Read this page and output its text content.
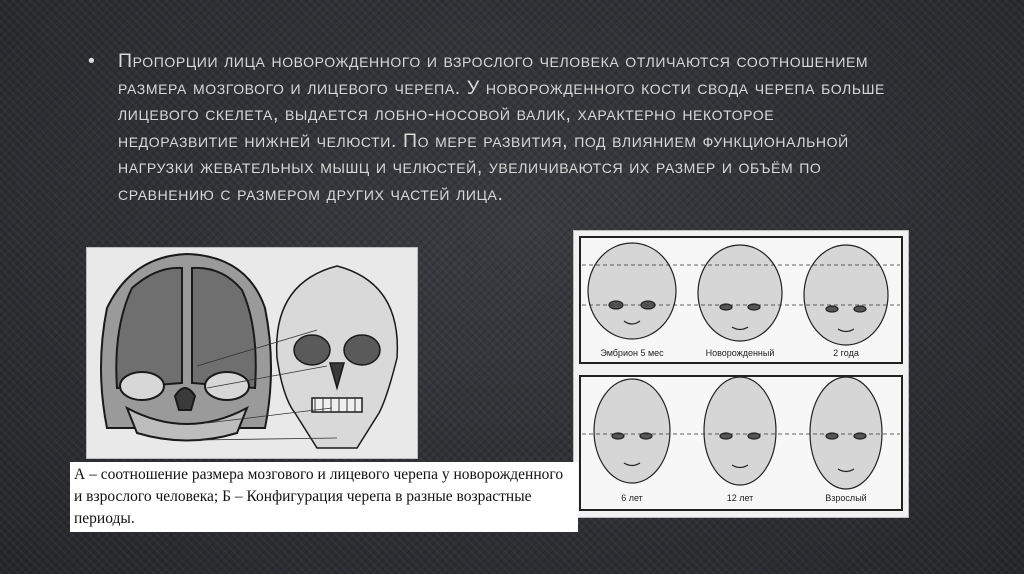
• Пропорции лица новорожденного и взрослого человека отличаются соотношением размера мозгового и лицевого черепа. У новорожденного кости свода черепа больше лицевого скелета, выдается лобно-носовой валик, характерно некоторое недоразвитие нижней челюсти. По мере развития, под влиянием функциональной нагрузки жевательных мышц и челюстей, увеличиваются их размер и объём по сравнению с размером других частей лица.
Эмбрион 5 мес	Новорожденный	2 года
6 лет	12 лет	Взрослый
А – соотношение размера мозгового и лицевого черепа у новорожденного и взрослого человека; Б – Конфигурация черепа в разные возрастные периоды.
